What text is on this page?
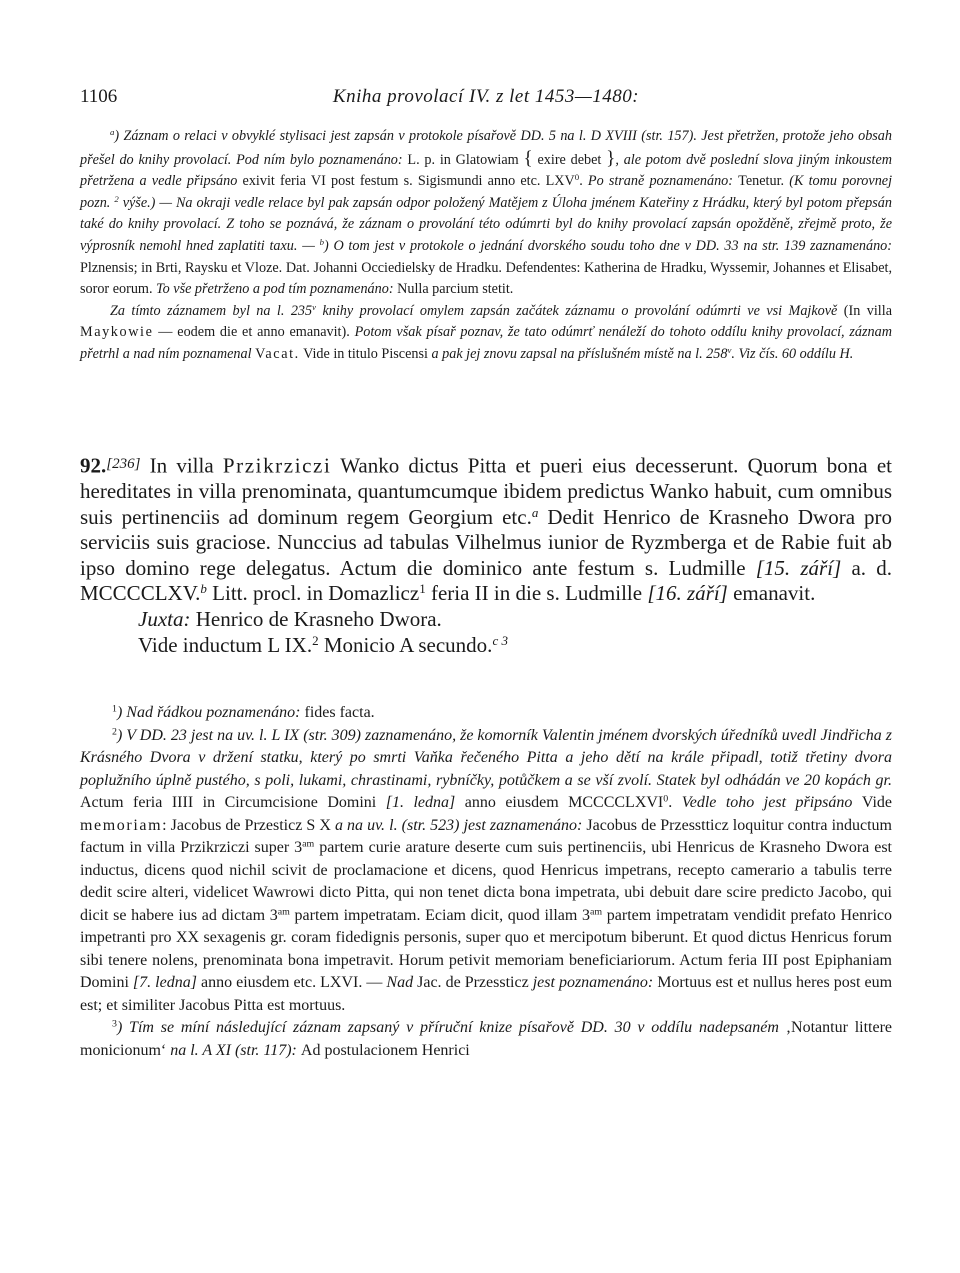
1106	Kniha provolací IV. z let 1453—1480:

$^a$) Záznam o relaci v obvyklé stylisaci jest zapsán v protokole písařově DD. 5 na l. D XVIII (str. 157). Jest přetržen, protože jeho obsah přešel do knihy provolací. Pod ním bylo poznamenáno: L. p. in Glatowiam { exire debet }, ale potom dvě poslední slova jiným inkoustem přetržena a vedle připsáno exivit feria VI post festum s. Sigismundi anno etc. LXV$^0$. Po straně poznamenáno: Tenetur. (K tomu porovnej pozn. $^2$ výše.) — Na okraji vedle relace byl pak zapsán odpor položený Matějem z Úloha jménem Kateřiny z Hrádku, který byl potom přepsán také do knihy provolací. Z toho se poznává, že záznam o provolání této odúmrti byl do knihy provolací zapsán opožděně, zřejmě proto, že výprosník nemohl hned zaplatiti taxu. — $^b$) O tom jest v protokole o jednání dvorského soudu toho dne v DD. 33 na str. 139 zaznamenáno: Plznensis; in Brti, Raysku et Vloze. Dat. Johanni Occiedielsky de Hradku. Defendentes: Katherina de Hradku, Wyssemir, Johannes et Elisabet, soror eorum. To vše přetrženo a pod tím poznamenáno: Nulla parcium stetit.

Za tímto záznamem byl na l. 235$^v$ knihy provolací omylem zapsán začátek záznamu o provolání odúmrti ve vsi Majkově (In villa Maykowie — eodem die et anno emanavit). Potom však písař poznav, že tato odúmrť nenáleží do tohoto oddílu knihy provolací, záznam přetrhl a nad ním poznamenal Vacat. Vide in titulo Piscensi a pak jej znovu zapsal na příslušném místě na l. 258$^v$. Viz čís. 60 oddílu H.

92.[236] In villa Przikrziczi Wanko dictus Pitta et pueri eius decesserunt. Quorum bona et hereditates in villa prenominata, quantumcumque ibidem predictus Wanko habuit, cum omnibus suis pertinenciis ad dominum regem Georgium etc.$^a$ Dedit Henrico de Krasneho Dwora pro serviciis suis graciose. Nunccius ad tabulas Vilhelmus iunior de Ryzmberga et de Rabie fuit ab ipso domino rege delegatus. Actum die dominico ante festum s. Ludmille [15. září] a. d. MCCCCLXV.$^b$ Litt. procl. in Domazlicz$^1$ feria II in die s. Ludmille [16. září] emanavit.

Juxta: Henrico de Krasneho Dwora.

Vide inductum L IX.$^2$ Monicio A secundo.$^{c 3}$

$^1$) Nad řádkou poznamenáno: fides facta.

$^2$) V DD. 23 jest na uv. l. L IX (str. 309) zaznamenáno, že komorník Valentin jménem dvorských úředníků uvedl Jindřicha z Krásného Dvora v držení statku, který po smrti Vaňka řečeného Pitta a jeho dětí na krále připadl, totiž třetiny dvora poplužního úplně pustého, s poli, lukami, chrastinami, rybníčky, potůčkem a se vší zvolí. Statek byl odhádán ve 20 kopách gr. Actum feria IIII in Circumcisione Domini [1. ledna] anno eiusdem MCCCCLXVI$^0$. Vedle toho jest připsáno Vide memoriam: Jacobus de Przesticz S X a na uv. l. (str. 523) jest zaznamenáno: Jacobus de Przesstticz loquitur contra inductum factum in villa Przikrziczi super $3^{am}$ partem curie arature deserte cum suis pertinenciis, ubi Henricus de Krasneho Dwora est inductus, dicens quod nichil scivit de proclamacione et dicens, quod Henricus impetrans, recepto camerario a tabulis terre dedit scire alteri, videlicet Wawrowi dicto Pitta, qui non tenet dicta bona impetrata, ubi debuit dare scire predicto Jacobo, qui dicit se habere ius ad dictam $3^{am}$ partem impetratam. Eciam dicit, quod illam $3^{am}$ partem impetratam vendidit prefato Henrico impetranti pro XX sexagenis gr. coram fidedignis personis, super quo et mercipotum biberunt. Et quod dictus Henricus forum sibi tenere nolens, prenominata bona impetravit. Horum petivit memoriam beneficiariorum. Actum feria III post Epiphaniam Domini [7. ledna] anno eiusdem etc. LXVI. — Nad Jac. de Przessticz jest poznamenáno: Mortuus est et nullus heres post eum est; et similiter Jacobus Pitta est mortuus.

$^3$) Tím se míní následující záznam zapsaný v příruční knize písařově DD. 30 v oddílu nadepsaném ‚Notantur littere monicionum‘ na l. A XI (str. 117): Ad postulacionem Henrici
